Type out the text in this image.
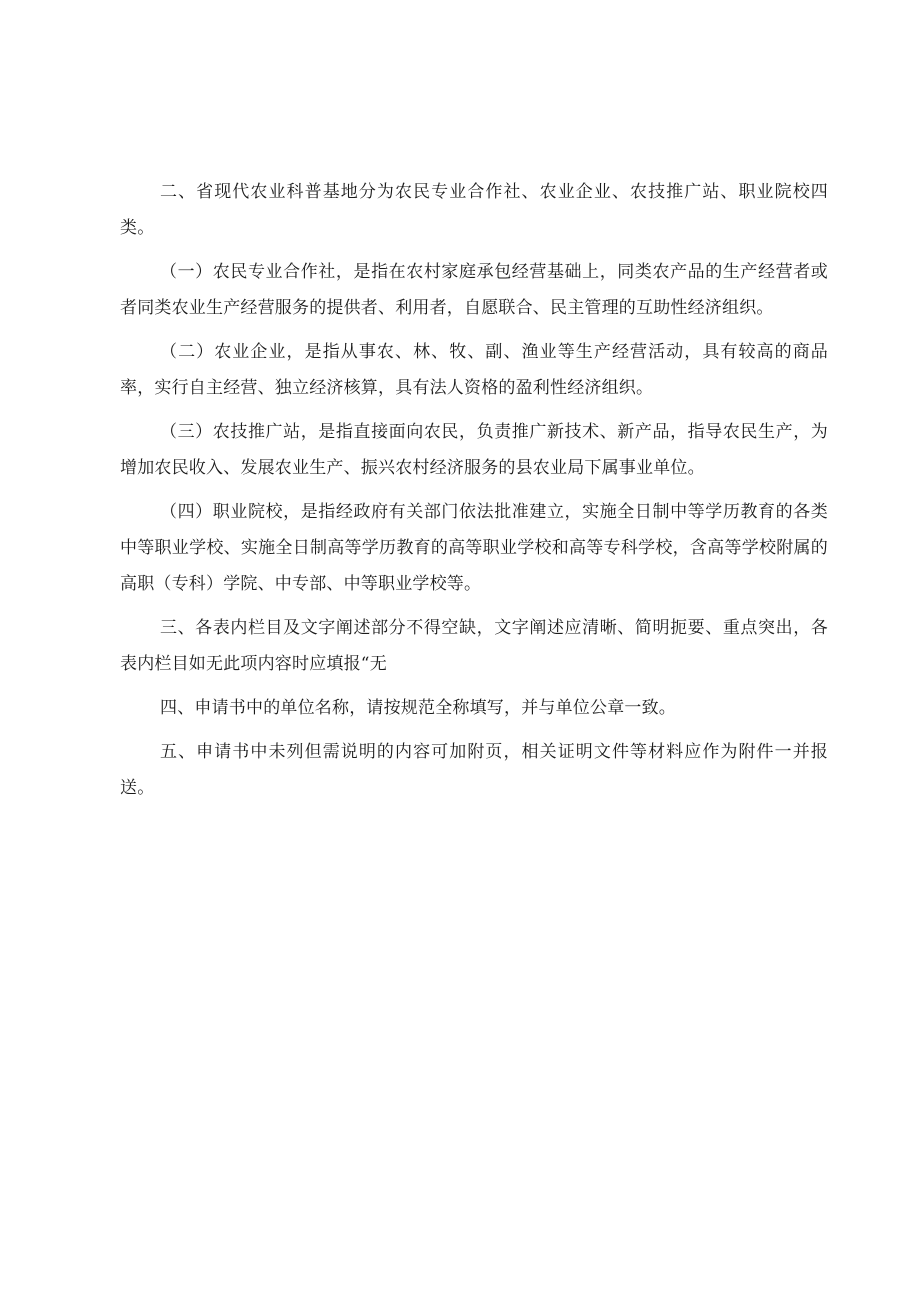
二、省现代农业科普基地分为农民专业合作社、农业企业、农技推广站、职业院校四类。

（一）农民专业合作社，是指在农村家庭承包经营基础上，同类农产品的生产经营者或者同类农业生产经营服务的提供者、利用者，自愿联合、民主管理的互助性经济组织。

（二）农业企业，是指从事农、林、牧、副、渔业等生产经营活动，具有较高的商品率，实行自主经营、独立经济核算，具有法人资格的盈利性经济组织。

（三）农技推广站，是指直接面向农民，负责推广新技术、新产品，指导农民生产，为增加农民收入、发展农业生产、振兴农村经济服务的县农业局下属事业单位。

（四）职业院校，是指经政府有关部门依法批准建立，实施全日制中等学历教育的各类中等职业学校、实施全日制高等学历教育的高等职业学校和高等专科学校，含高等学校附属的高职（专科）学院、中专部、中等职业学校等。

三、各表内栏目及文字阐述部分不得空缺，文字阐述应清晰、简明扼要、重点突出，各表内栏目如无此项内容时应填报“无

四、申请书中的单位名称，请按规范全称填写，并与单位公章一致。

五、申请书中未列但需说明的内容可加附页，相关证明文件等材料应作为附件一并报送。
